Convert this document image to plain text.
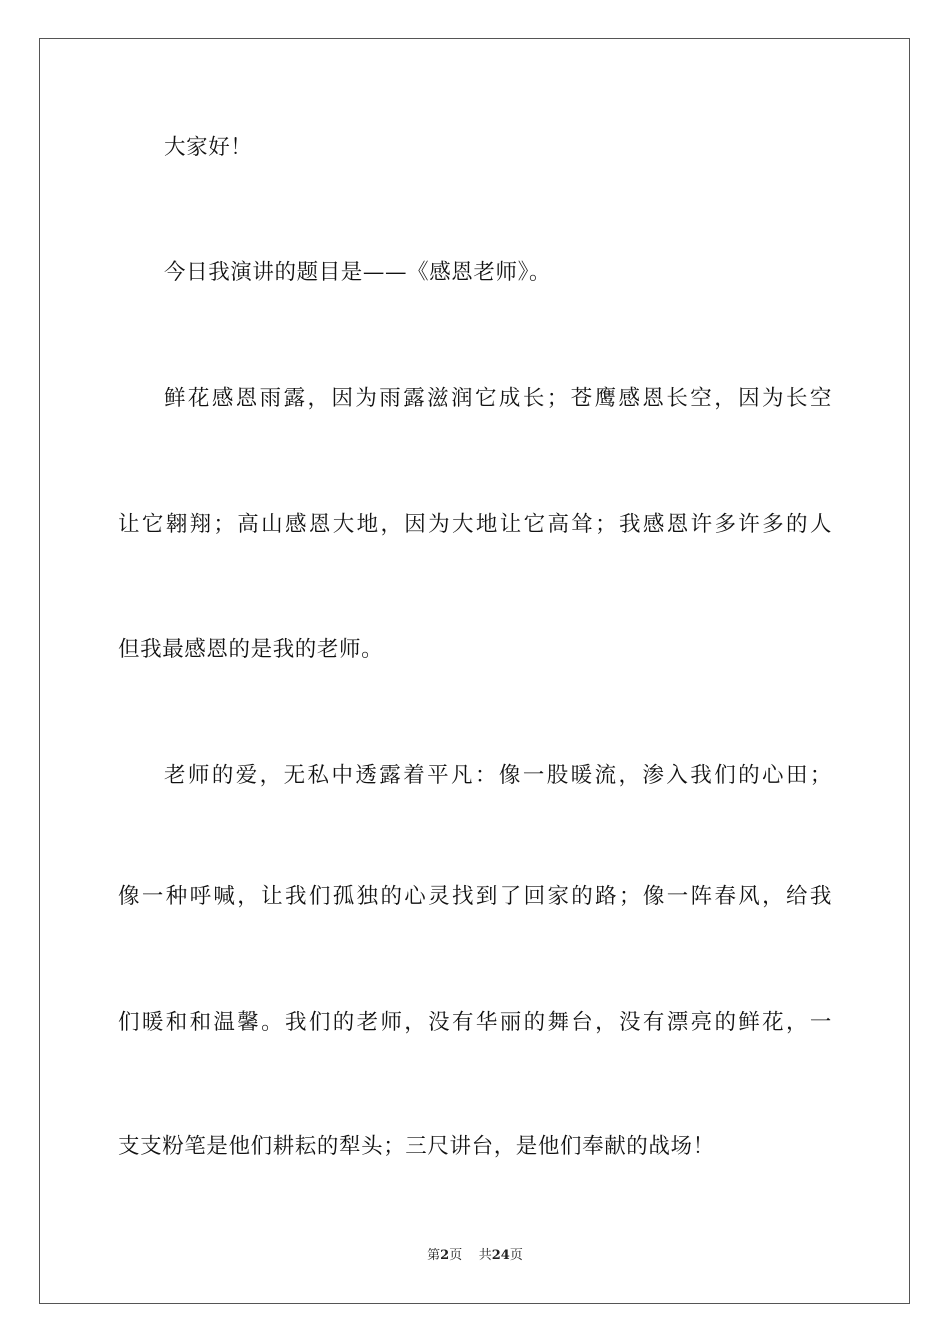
大家好！
今日我演讲的题目是——《感恩老师》。
鲜花感恩雨露，因为雨露滋润它成长；苍鹰感恩长空，因为长空
让它翱翔；高山感恩大地，因为大地让它高耸；我感恩许多许多的人
但我最感恩的是我的老师。
老师的爱，无私中透露着平凡：像一股暖流，渗入我们的心田；
像一种呼喊，让我们孤独的心灵找到了回家的路；像一阵春风，给我
们暖和和温馨。我们的老师，没有华丽的舞台，没有漂亮的鲜花，一
支支粉笔是他们耕耘的犁头；三尺讲台，是他们奉献的战场！
第2页 共24页
